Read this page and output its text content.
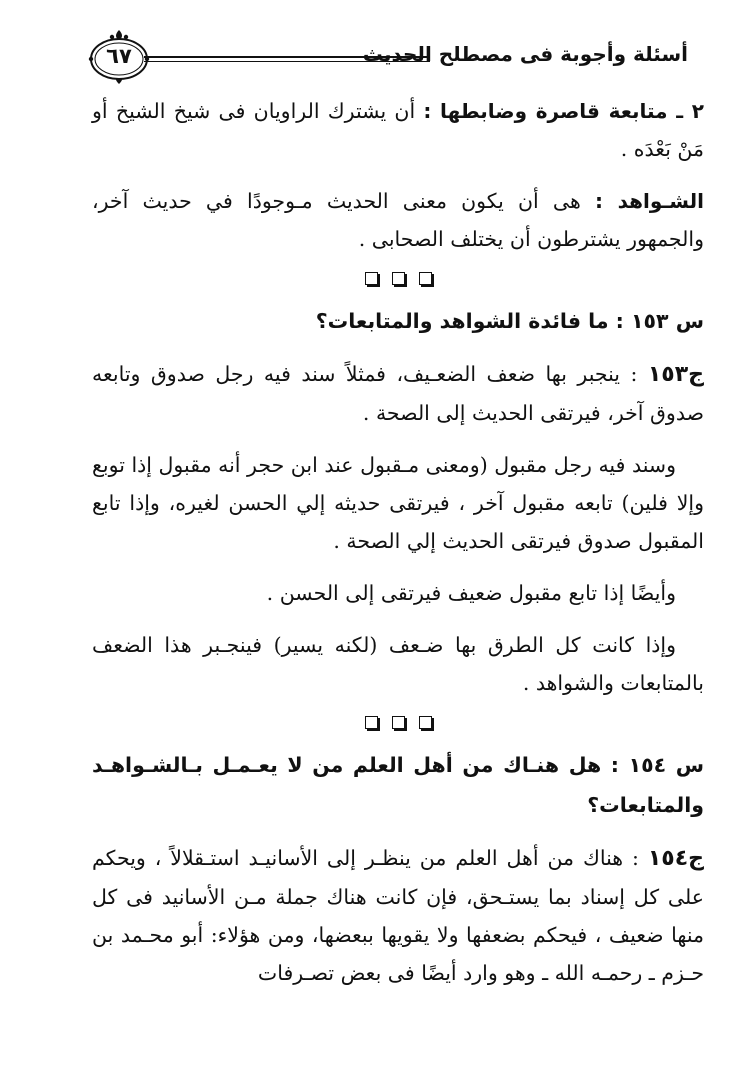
أسئلة وأجوبة فى مصطلح الحديث
٦٧

٢ ـ متابعة قاصرة وضابطها : أن يشترك الراويان فى شيخ الشيخ أو مَنْ بَعْدَه .

الشـواهد : هى أن يكون معنى الحديث مـوجودًا في حديث آخر، والجمهور يشترطون أن يختلف الصحابى .

س ١٥٣ : ما فائدة الشواهد والمتابعات؟

ج١٥٣ : ينجبر بها ضعف الضعـيف، فمثلاً سند فيه رجل صدوق وتابعه صدوق آخر، فيرتقى الحديث إلى الصحة .

وسند فيه رجل مقبول (ومعنى مـقبول عند ابن حجر أنه مقبول إذا توبع وإلا فلين) تابعه مقبول آخر ، فيرتقى حديثه إلي الحسن لغيره، وإذا تابع المقبول صدوق فيرتقى الحديث إلي الصحة .

وأيضًا إذا تابع مقبول ضعيف فيرتقى إلى الحسن .

وإذا كانت كل الطرق بها ضـعف (لكنه يسير) فينجـبر هذا الضعف بالمتابعات والشواهد .

س ١٥٤ : هل هنـاك من أهل العلم من لا يعـمـل بـالشـواهـد والمتابعات؟

ج١٥٤ : هناك من أهل العلم من ينظـر إلى الأسانيـد استـقلالاً ، ويحكم على كل إسناد بما يستـحق، فإن كانت هناك جملة مـن الأسانيد فى كل منها ضعيف ، فيحكم بضعفها ولا يقويها ببعضها، ومن هؤلاء: أبو محـمد بن حـزم ـ رحمـه الله ـ وهو وارد أيضًا فى بعض تصـرفات
